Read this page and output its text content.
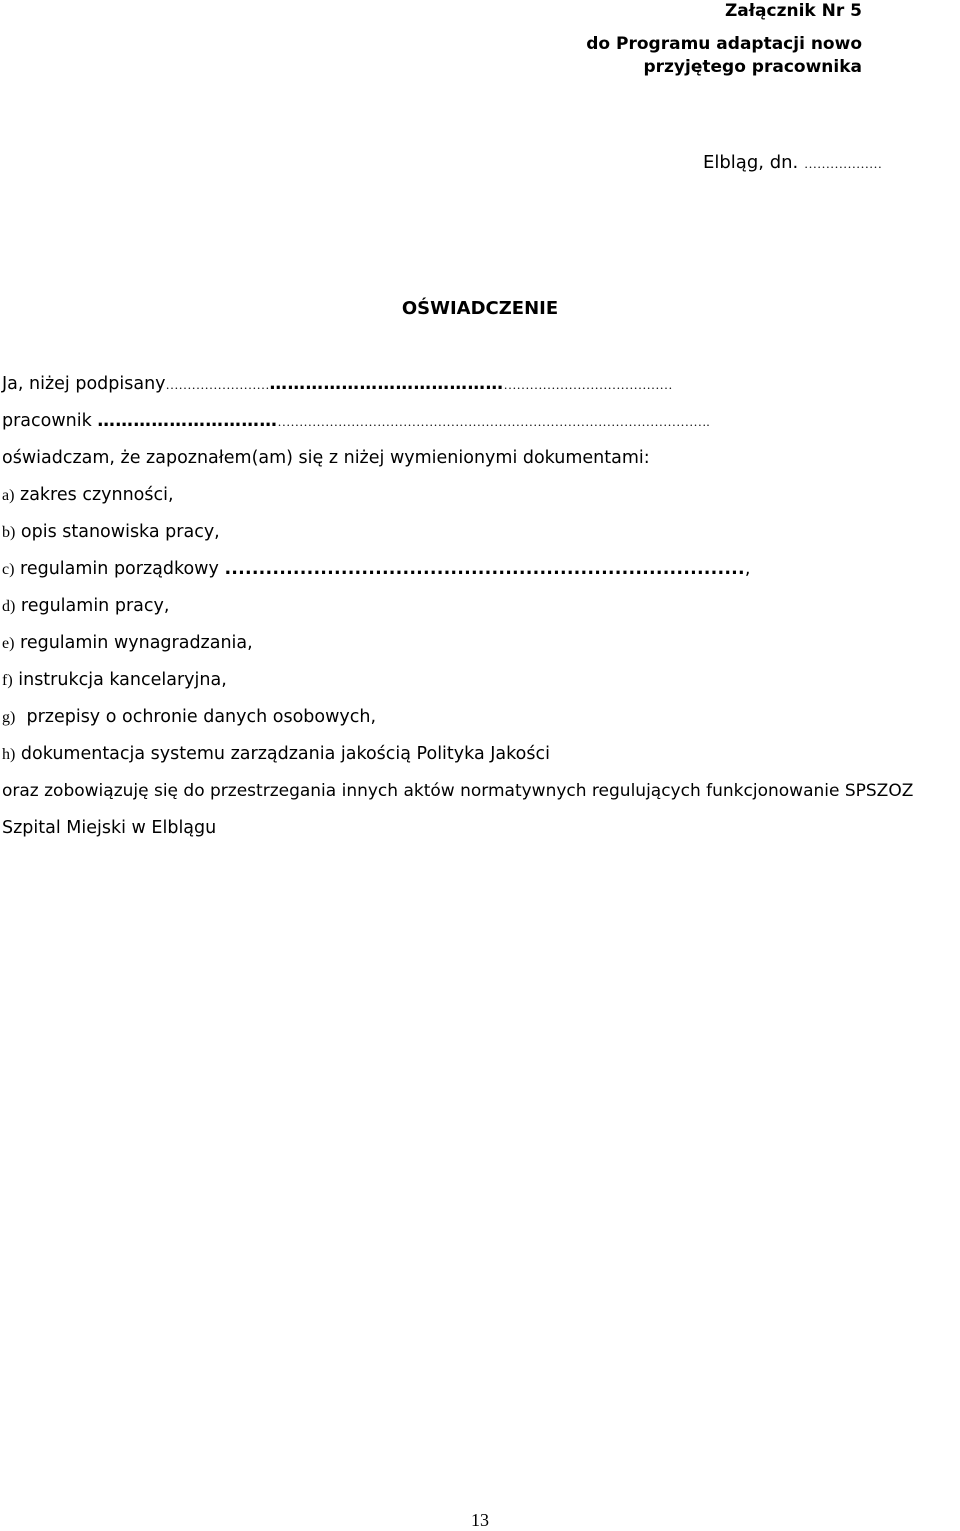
Załącznik Nr 5
do Programu adaptacji nowo
przyjętego pracownika
Elbląg, dn. ………………
OŚWIADCZENIE
Ja, niżej podpisany…………………………………………………………………………………………
pracownik ………………………………………………………………………………………………………………….
oświadczam, że zapoznałem(am) się z niżej wymienionymi dokumentami:
a) zakres czynności,
b) opis stanowiska pracy,
c) regulamin porządkowy ............................................................................,
d) regulamin pracy,
e) regulamin wynagradzania,
f) instrukcja kancelaryjna,
g) przepisy o ochronie danych osobowych,
h) dokumentacja systemu zarządzania jakością Polityka Jakości
oraz zobowiązuję się do przestrzegania innych aktów normatywnych regulujących funkcjonowanie SPSZOZ
Szpital Miejski w Elblągu
13
